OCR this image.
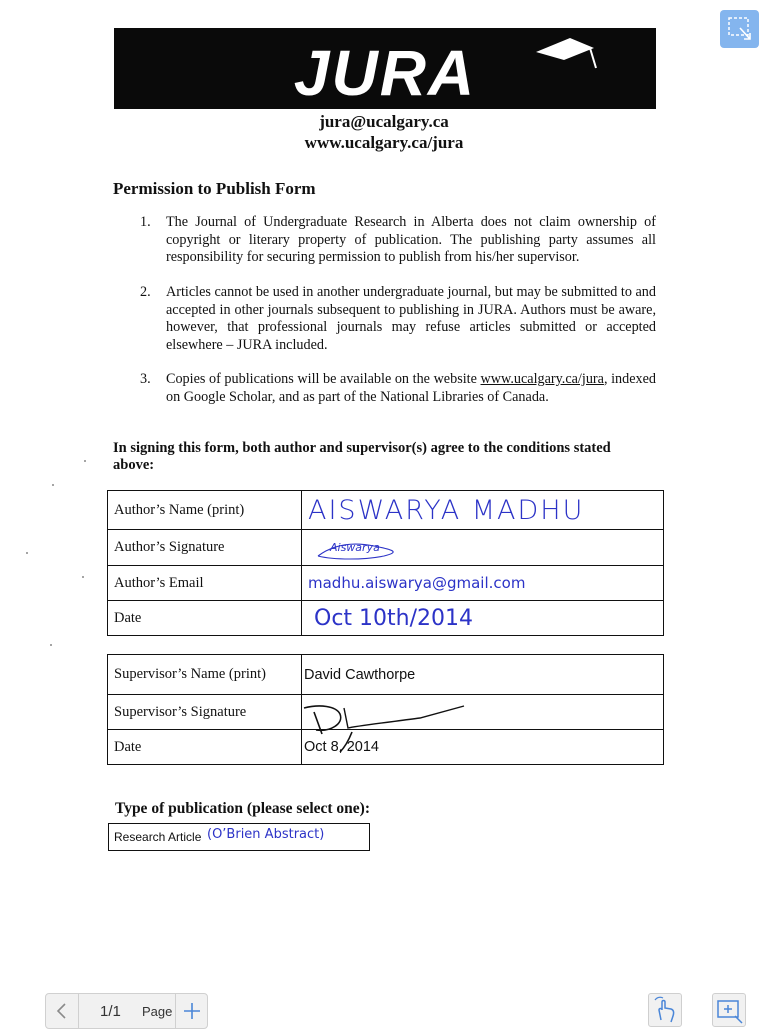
JURA
jura@ucalgary.ca
www.ucalgary.ca/jura
Permission to Publish Form
1. The Journal of Undergraduate Research in Alberta does not claim ownership of copyright or literary property of publication. The publishing party assumes all responsibility for securing permission to publish from his/her supervisor.
2. Articles cannot be used in another undergraduate journal, but may be submitted to and accepted in other journals subsequent to publishing in JURA. Authors must be aware, however, that professional journals may refuse articles submitted or accepted elsewhere – JURA included.
3. Copies of publications will be available on the website www.ucalgary.ca/jura, indexed on Google Scholar, and as part of the National Libraries of Canada.
In signing this form, both author and supervisor(s) agree to the conditions stated above:
Author’s Name (print)	AISWARYA MADHU
Author’s Signature	Aiswarya
Author’s Email	madhu.aiswarya@gmail.com
Date	Oct 10th/2014
Supervisor’s Name (print)	David Cawthorpe
Supervisor’s Signature	
Date	Oct 8, 2014
Type of publication (please select one):
Research Article (O’Brien Abstract)
1/1 Page
